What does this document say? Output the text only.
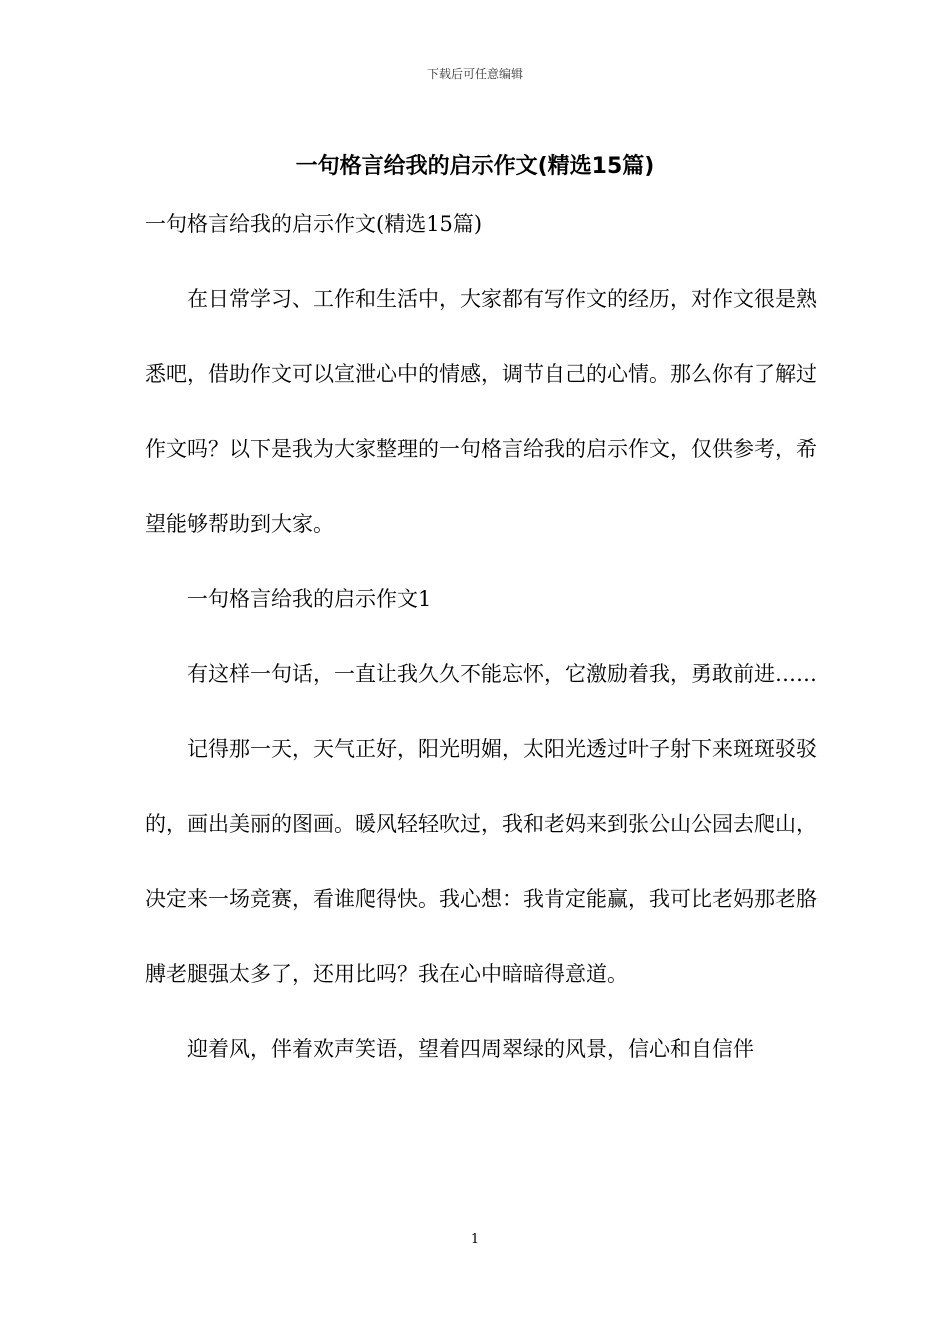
下载后可任意编辑
一句格言给我的启示作文(精选15篇)

一句格言给我的启示作文(精选15篇)

在日常学习、工作和生活中，大家都有写作文的经历，对作文很是熟悉吧，借助作文可以宣泄心中的情感，调节自己的心情。那么你有了解过作文吗？以下是我为大家整理的一句格言给我的启示作文，仅供参考，希望能够帮助到大家。

一句格言给我的启示作文1

有这样一句话，一直让我久久不能忘怀，它激励着我，勇敢前进……

记得那一天，天气正好，阳光明媚，太阳光透过叶子射下来斑斑驳驳的，画出美丽的图画。暖风轻轻吹过，我和老妈来到张公山公园去爬山，决定来一场竞赛，看谁爬得快。我心想：我肯定能赢，我可比老妈那老胳膊老腿强太多了，还用比吗？我在心中暗暗得意道。

迎着风，伴着欢声笑语，望着四周翠绿的风景，信心和自信伴

1
